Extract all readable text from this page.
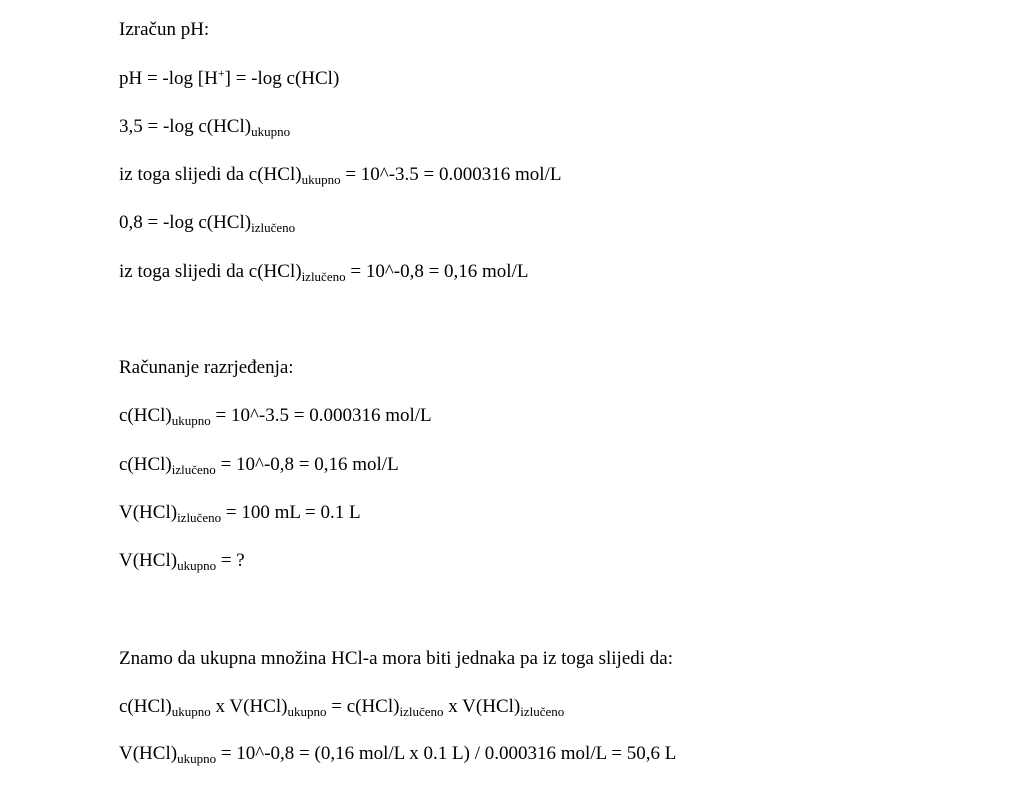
Izračun pH:
pH = -log [H+] = -log c(HCl)
3,5 = -log $c(HCl)_{ukupno}$
iz toga slijedi da $c(HCl)_{ukupno}$ = 10^-3.5 = 0.000316 mol/L
0,8 = -log $c(HCl)_{izlučeno}$
iz toga slijedi da $c(HCl)_{izlučeno}$ = 10^-0,8 = 0,16 mol/L
Računanje razrjeđenja:
$c(HCl)_{ukupno}$ = 10^-3.5 = 0.000316 mol/L
$c(HCl)_{izlučeno}$ = 10^-0,8 = 0,16 mol/L
$V(HCl)_{izlučeno} = 100$ mL = 0.1 L
$V(HCl)_{ukupno}$ = ?
Znamo da ukupna množina HCl-a mora biti jednaka pa iz toga slijedi da:
$c(HCl)_{ukupno}$ x $V(HCl)_{ukupno} = c(HCl)_{izlučeno}$ x $V(HCl)_{izlučeno}$
$V(HCl)_{ukupno}$ = 10^-0,8 = (0,16 mol/L x 0.1 L) / 0.000316 mol/L = 50,6 L
